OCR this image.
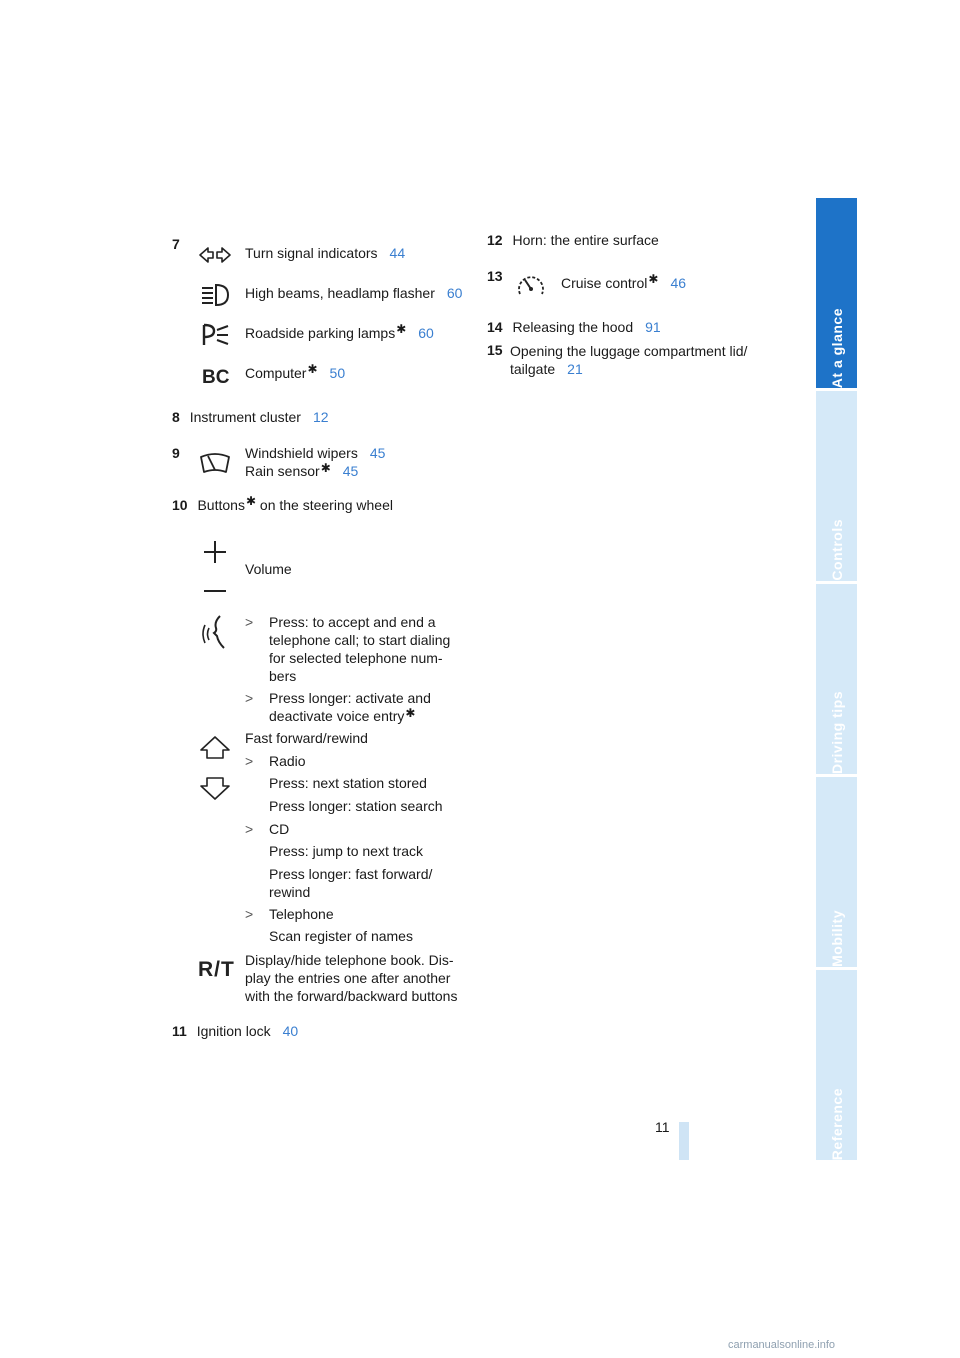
7
Turn signal indicators 44
High beams, headlamp flasher 60
Roadside parking lamps✱ 60
BC Computer✱ 50
8 Instrument cluster 12
9	Windshield wipers 45
Rain sensor✱ 45
10 Buttons✱ on the steering wheel
Volume
> Press: to accept and end a
telephone call; to start dialing
for selected telephone num-
bers
> Press longer: activate and
deactivate voice entry✱
Fast forward/rewind
> Radio
Press: next station stored
Press longer: station search
> CD
Press: jump to next track
Press longer: fast forward/
rewind
> Telephone
Scan register of names
R/T Display/hide telephone book. Dis-
play the entries one after another
with the forward/backward buttons
11 Ignition lock 40
12 Horn: the entire surface
13	Cruise control✱ 46
14 Releasing the hood 91
15 Opening the luggage compartment lid/
tailgate 21	At a glance
Controls
Driving tips
Mobility
Reference
11
carmanualsonline.info
